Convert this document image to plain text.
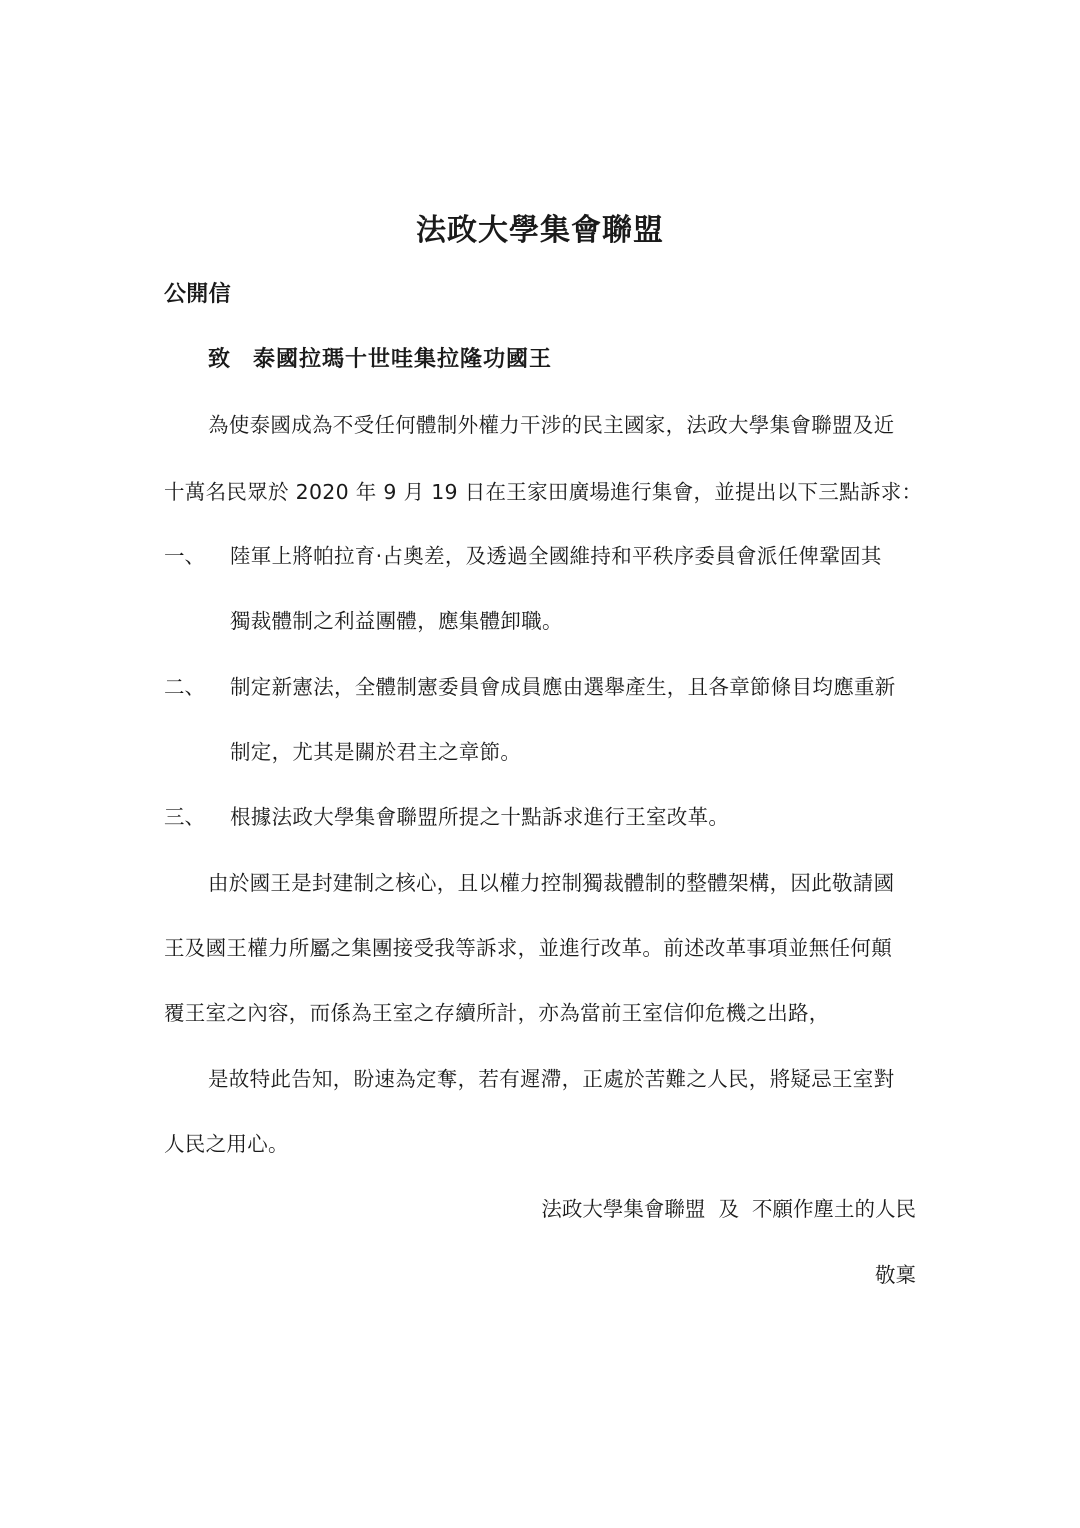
法政大學集會聯盟
公開信
致 泰國拉瑪十世哇集拉隆功國王
為使泰國成為不受任何體制外權力干涉的民主國家，法政大學集會聯盟及近
十萬名民眾於 2020 年 9 月 19 日在王家田廣場進行集會，並提出以下三點訴求：
一、 陸軍上將帕拉育·占奧差，及透過全國維持和平秩序委員會派任俾鞏固其
獨裁體制之利益團體，應集體卸職。
二、 制定新憲法，全體制憲委員會成員應由選舉產生，且各章節條目均應重新
制定，尤其是關於君主之章節。
三、 根據法政大學集會聯盟所提之十點訴求進行王室改革。
由於國王是封建制之核心，且以權力控制獨裁體制的整體架構，因此敬請國
王及國王權力所屬之集團接受我等訴求，並進行改革。前述改革事項並無任何顛
覆王室之內容，而係為王室之存續所計，亦為當前王室信仰危機之出路，
是故特此告知，盼速為定奪，若有遲滯，正處於苦難之人民，將疑忌王室對
人民之用心。
法政大學集會聯盟  及  不願作塵土的人民
敬稟
